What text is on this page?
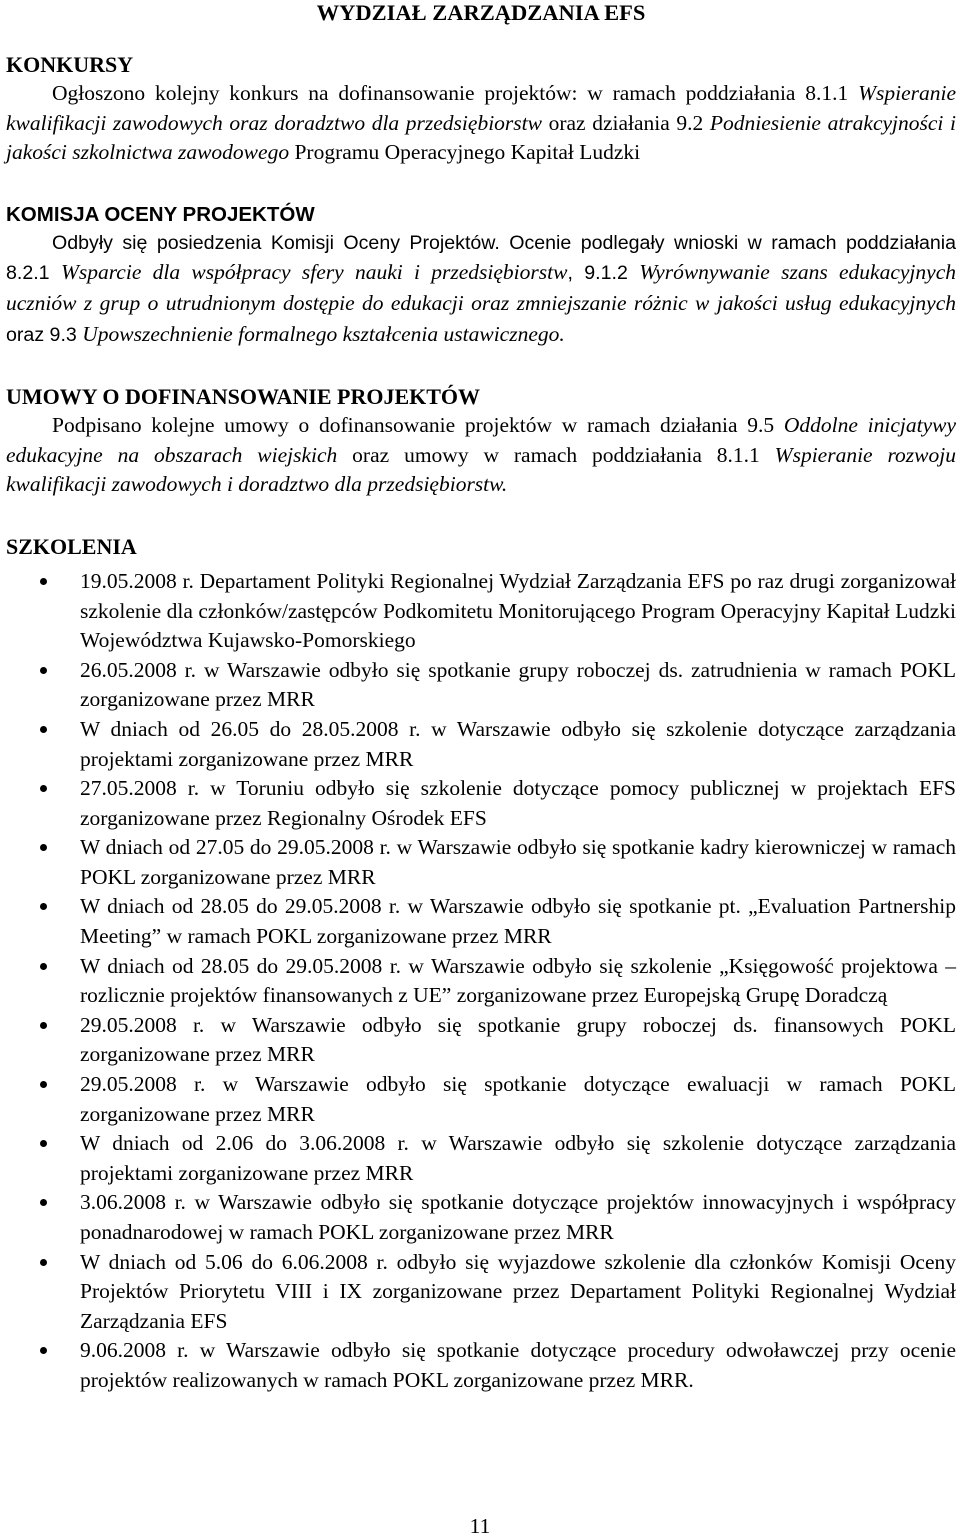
WYDZIAŁ ZARZĄDZANIA EFS
KONKURSY

Ogłoszono kolejny konkurs na dofinansowanie projektów: w ramach poddziałania 8.1.1 Wspieranie kwalifikacji zawodowych oraz doradztwo dla przedsiębiorstw oraz działania 9.2 Podniesienie atrakcyjności i jakości szkolnictwa zawodowego Programu Operacyjnego Kapitał Ludzki

KOMISJA OCENY PROJEKTÓW

Odbyły się posiedzenia Komisji Oceny Projektów. Ocenie podlegały wnioski w ramach poddziałania 8.2.1 Wsparcie dla współpracy sfery nauki i przedsiębiorstw, 9.1.2 Wyrównywanie szans edukacyjnych uczniów z grup o utrudnionym dostępie do edukacji oraz zmniejszanie różnic w jakości usług edukacyjnych oraz 9.3 Upowszechnienie formalnego kształcenia ustawicznego.

UMOWY O DOFINANSOWANIE PROJEKTÓW

Podpisano kolejne umowy o dofinansowanie projektów w ramach działania 9.5 Oddolne inicjatywy edukacyjne na obszarach wiejskich oraz umowy w ramach poddziałania 8.1.1 Wspieranie rozwoju kwalifikacji zawodowych i doradztwo dla przedsiębiorstw.

SZKOLENIA
19.05.2008 r. Departament Polityki Regionalnej Wydział Zarządzania EFS po raz drugi zorganizował szkolenie dla członków/zastępców Podkomitetu Monitorującego Program Operacyjny Kapitał Ludzki Województwa Kujawsko-Pomorskiego
26.05.2008 r. w Warszawie odbyło się spotkanie grupy roboczej ds. zatrudnienia w ramach POKL zorganizowane przez MRR
W dniach od 26.05 do 28.05.2008 r. w Warszawie odbyło się szkolenie dotyczące zarządzania projektami zorganizowane przez MRR
27.05.2008 r. w Toruniu odbyło się szkolenie dotyczące pomocy publicznej w projektach EFS zorganizowane przez Regionalny Ośrodek EFS
W dniach od 27.05 do 29.05.2008 r. w Warszawie odbyło się spotkanie kadry kierowniczej w ramach POKL zorganizowane przez MRR
W dniach od 28.05 do 29.05.2008 r. w Warszawie odbyło się spotkanie pt. „Evaluation Partnership Meeting” w ramach POKL zorganizowane przez MRR
W dniach od 28.05 do 29.05.2008 r. w Warszawie odbyło się szkolenie „Księgowość projektowa – rozlicznie projektów finansowanych z UE” zorganizowane przez Europejską Grupę Doradczą
29.05.2008 r. w Warszawie odbyło się spotkanie grupy roboczej ds. finansowych POKL zorganizowane przez MRR
29.05.2008 r. w Warszawie odbyło się spotkanie dotyczące ewaluacji w ramach POKL zorganizowane przez MRR
W dniach od 2.06 do 3.06.2008 r. w Warszawie odbyło się szkolenie dotyczące zarządzania projektami zorganizowane przez MRR
3.06.2008 r. w Warszawie odbyło się spotkanie dotyczące projektów innowacyjnych i współpracy ponadnarodowej w ramach POKL zorganizowane przez MRR
W dniach od 5.06 do 6.06.2008 r. odbyło się wyjazdowe szkolenie dla członków Komisji Oceny Projektów Priorytetu VIII i IX zorganizowane przez Departament Polityki Regionalnej Wydział Zarządzania EFS
9.06.2008 r. w Warszawie odbyło się spotkanie dotyczące procedury odwoławczej przy ocenie projektów realizowanych w ramach POKL zorganizowane przez MRR.
11
